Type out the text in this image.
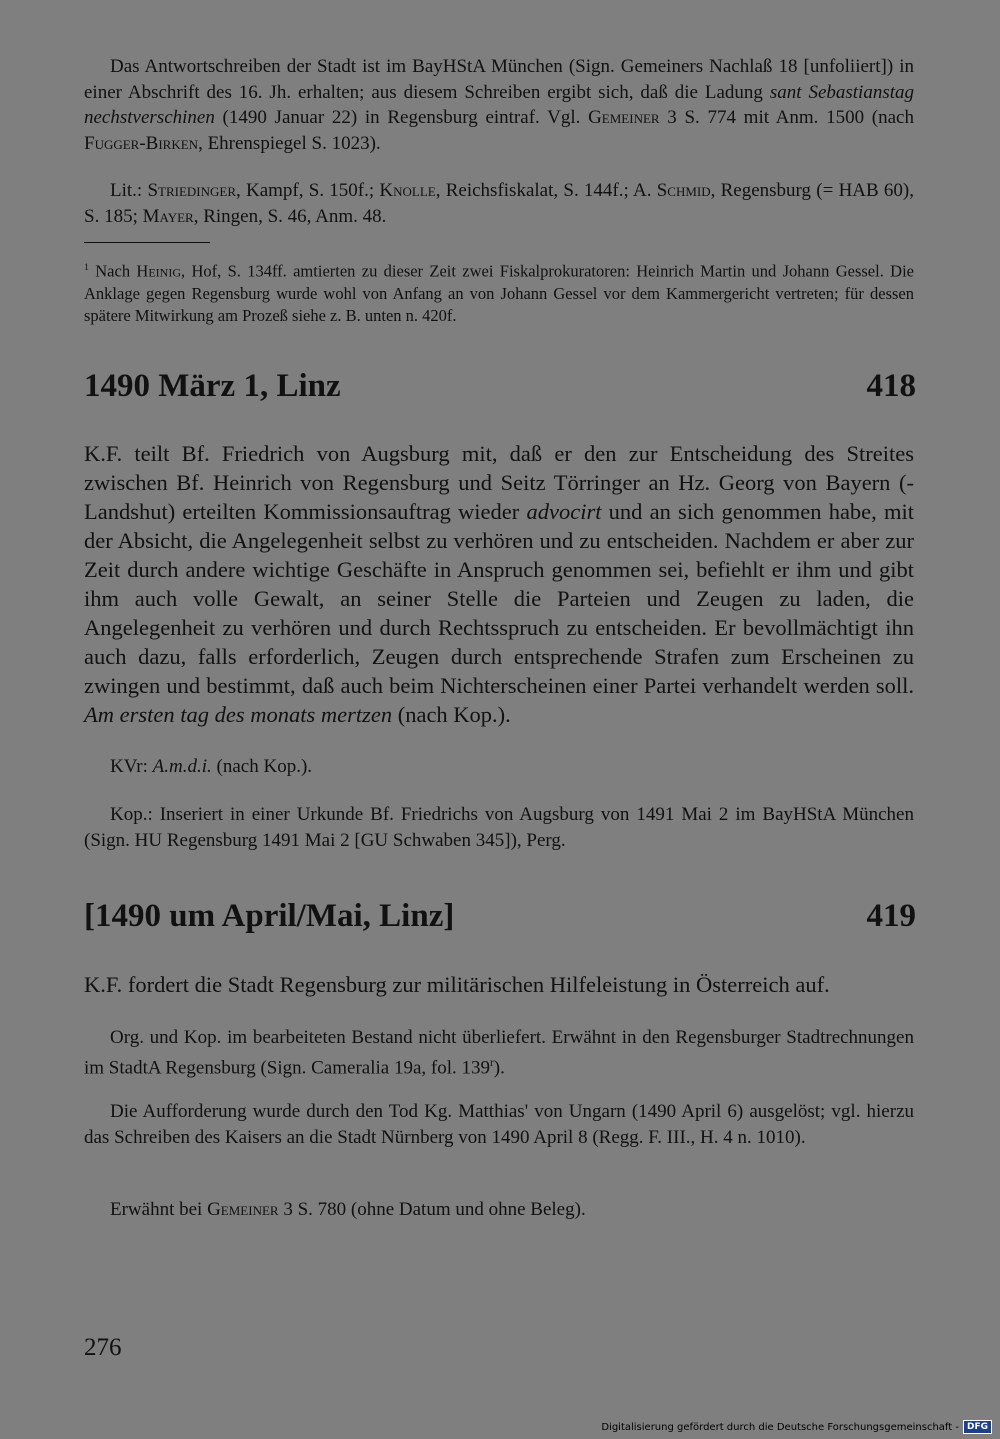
Das Antwortschreiben der Stadt ist im BayHStA München (Sign. Gemeiners Nachlaß 18 [unfoliiert]) in einer Abschrift des 16. Jh. erhalten; aus diesem Schreiben ergibt sich, daß die Ladung sant Sebastianstag nechstverschinen (1490 Januar 22) in Regensburg eintraf. Vgl. Gemeiner 3 S. 774 mit Anm. 1500 (nach Fugger-Birken, Ehrenspiegel S. 1023).
Lit.: Striedinger, Kampf, S. 150f.; Knolle, Reichsfiskalat, S. 144f.; A. Schmid, Regensburg (= HAB 60), S. 185; Mayer, Ringen, S. 46, Anm. 48.
$^1$ Nach Heinig, Hof, S. 134ff. amtierten zu dieser Zeit zwei Fiskalprokuratoren: Heinrich Martin und Johann Gessel. Die Anklage gegen Regensburg wurde wohl von Anfang an von Johann Gessel vor dem Kammergericht vertreten; für dessen spätere Mitwirkung am Prozeß siehe z. B. unten n. 420f.
1490 März 1, Linz	418
K.F. teilt Bf. Friedrich von Augsburg mit, daß er den zur Entscheidung des Streites zwischen Bf. Heinrich von Regensburg und Seitz Törringer an Hz. Georg von Bayern (-Landshut) erteilten Kommissionsauftrag wieder advocirt und an sich genommen habe, mit der Absicht, die Angelegenheit selbst zu verhören und zu entscheiden. Nachdem er aber zur Zeit durch andere wichtige Geschäfte in Anspruch genommen sei, befiehlt er ihm und gibt ihm auch volle Gewalt, an seiner Stelle die Parteien und Zeugen zu laden, die Angelegenheit zu verhören und durch Rechtsspruch zu entscheiden. Er bevollmächtigt ihn auch dazu, falls erforderlich, Zeugen durch entsprechende Strafen zum Erscheinen zu zwingen und bestimmt, daß auch beim Nichterscheinen einer Partei verhandelt werden soll. Am ersten tag des monats mertzen (nach Kop.).
KVr: A.m.d.i. (nach Kop.).
Kop.: Inseriert in einer Urkunde Bf. Friedrichs von Augsburg von 1491 Mai 2 im BayHStA München (Sign. HU Regensburg 1491 Mai 2 [GU Schwaben 345]), Perg.
[1490 um April/Mai, Linz]	419
K.F. fordert die Stadt Regensburg zur militärischen Hilfeleistung in Österreich auf.
Org. und Kop. im bearbeiteten Bestand nicht überliefert. Erwähnt in den Regensburger Stadtrechnungen im StadtA Regensburg (Sign. Cameralia 19a, fol. 139$^r$).
Die Aufforderung wurde durch den Tod Kg. Matthias' von Ungarn (1490 April 6) ausgelöst; vgl. hierzu das Schreiben des Kaisers an die Stadt Nürnberg von 1490 April 8 (Regg. F. III., H. 4 n. 1010).
Erwähnt bei Gemeiner 3 S. 780 (ohne Datum und ohne Beleg).
276
Digitalisierung gefördert durch die Deutsche Forschungsgemeinschaft - DFG
